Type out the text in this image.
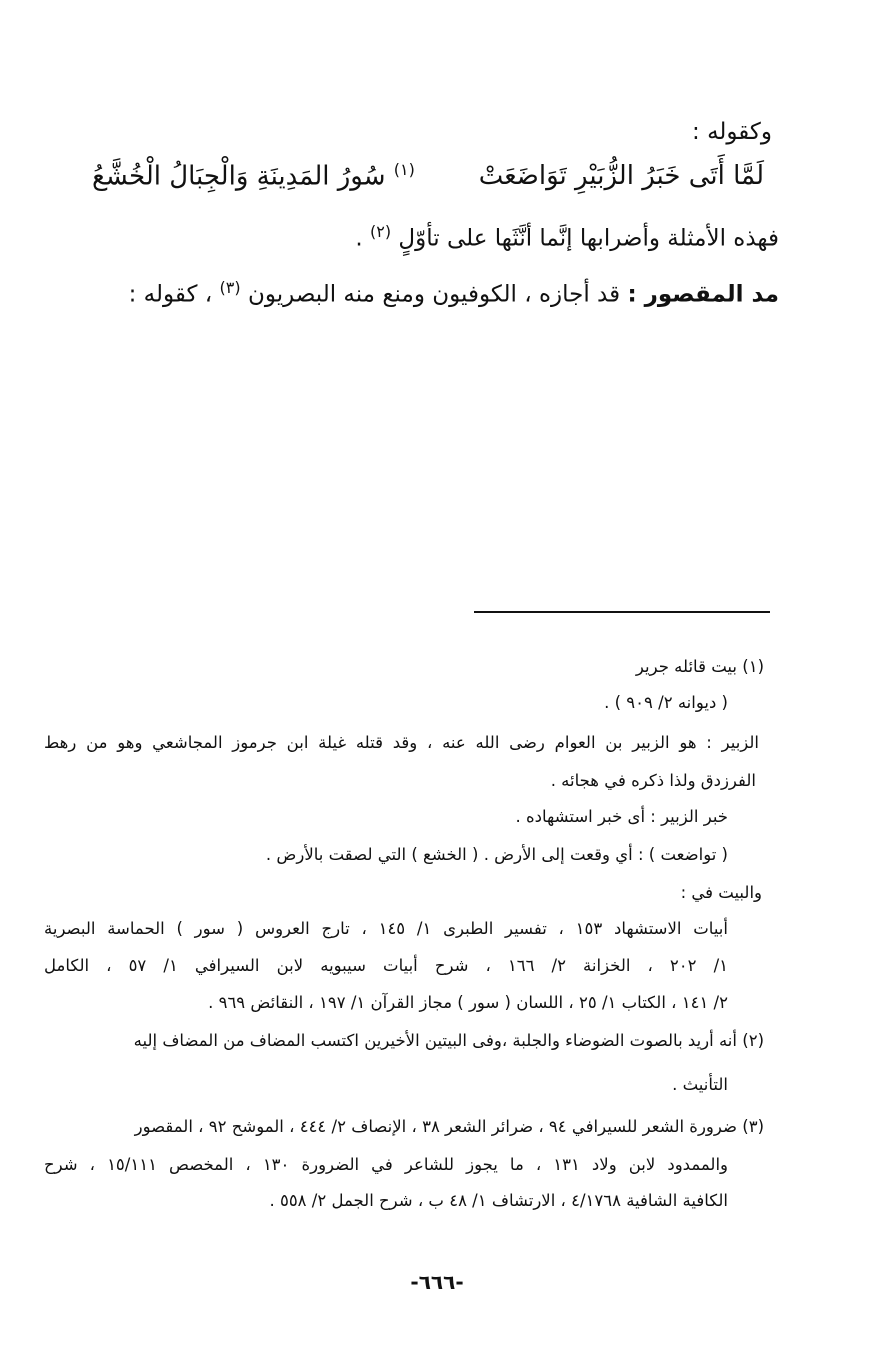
وكقوله :
لَمَّا أَتَى خَبَرُ الزُّبَيْرِ تَوَاضَعَتْ
$^{(١)}$ سُورُ المَدِينَةِ وَالْجِبَالُ الْخُشَّعُ
فهذه الأمثلة وأضرابها إنَّما أنَّثَها على تأوّلٍ $^{(٢)}$ .
مد المقصور : قد أجازه ، الكوفيون ومنع منه البصريون $^{(٣)}$ ، كقوله :
(١) بيت قائله جرير
( ديوانه ٢/ ٩٠٩ ) .
الزبير : هو الزبير بن العوام رضى الله عنه ، وقد قتله غيلة ابن جرموز المجاشعي وهو من رهط
الفرزدق ولذا ذكره في هجائه .
خبر الزبير : أى خبر استشهاده .
( تواضعت ) : أي وقعت إلى الأرض . ( الخشع ) التي لصقت بالأرض .
والبيت في :
أبيات الاستشهاد ١٥٣ ، تفسير الطبرى ١/ ١٤٥ ، تارج العروس ( سور ) الحماسة البصرية
١/ ٢٠٢ ، الخزانة ٢/ ١٦٦ ، شرح أبيات سيبويه لابن السيرافي ١/ ٥٧ ، الكامل
٢/ ١٤١ ، الكتاب ١/ ٢٥ ، اللسان ( سور ) مجاز القرآن ١/ ١٩٧ ، النقائض ٩٦٩ .
(٢) أنه أريد بالصوت الضوضاء والجلبة ،وفى البيتين الأخيرين اكتسب المضاف من المضاف إليه
التأنيث .
(٣) ضرورة الشعر للسيرافي ٩٤ ، ضرائر الشعر ٣٨ ، الإنصاف ٢/ ٤٤٤ ، الموشح ٩٢ ، المقصور
والممدود لابن ولاد ١٣١ ، ما يجوز للشاعر في الضرورة ١٣٠ ، المخصص ١٥/١١١ ، شرح
الكافية الشافية ٤/١٧٦٨ ، الارتشاف ١/ ٤٨ ب ، شرح الجمل ٢/ ٥٥٨ .
-٦٦٦-
